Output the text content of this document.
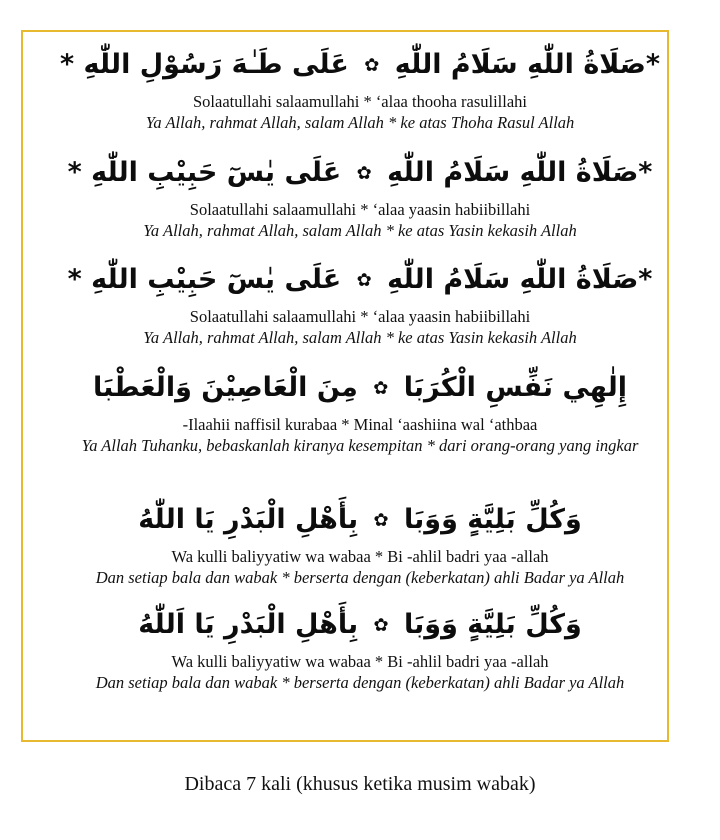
*صَلَاةُ اللّٰهِ سَلَامُ اللّٰهِ ✿ عَلَى طَـٰهَ رَسُوْلِ اللّٰهِ *
Solaatullahi salaamullahi * ‘alaa thooha rasulillahi
Ya Allah, rahmat Allah, salam Allah * ke atas Thoha Rasul Allah
*صَلَاةُ اللّٰهِ سَلَامُ اللّٰهِ ✿ عَلَى يٰسٓ حَبِيْبِ اللّٰهِ *
Solaatullahi salaamullahi * ‘alaa yaasin habiibillahi
Ya Allah, rahmat Allah, salam Allah * ke atas Yasin kekasih Allah
*صَلَاةُ اللّٰهِ سَلَامُ اللّٰهِ ✿ عَلَى يٰسٓ حَبِيْبِ اللّٰهِ *
Solaatullahi salaamullahi * ‘alaa yaasin habiibillahi
Ya Allah, rahmat Allah, salam Allah * ke atas Yasin kekasih Allah
إِلٰهِي نَفِّسِ الْكُرَبَا ✿ مِنَ الْعَاصِيْنَ وَالْعَطْبَا
-Ilaahii naffisil kurabaa * Minal ‘aashiina wal ‘athbaa
Ya Allah Tuhanku, bebaskanlah kiranya kesempitan * dari orang-orang yang ingkar
وَكُلِّ بَلِيَّةٍ وَوَبَا ✿ بِأَهْلِ الْبَدْرِ يَا اللّٰهُ
Wa kulli baliyyatiw wa wabaa * Bi -ahlil badri yaa -allah
Dan setiap bala dan wabak * berserta dengan (keberkatan) ahli Badar ya Allah
وَكُلِّ بَلِيَّةٍ وَوَبَا ✿ بِأَهْلِ الْبَدْرِ يَا اَللّٰهُ
Wa kulli baliyyatiw wa wabaa * Bi -ahlil badri yaa -allah
Dan setiap bala dan wabak * berserta dengan (keberkatan) ahli Badar ya Allah
Dibaca 7 kali (khusus ketika musim wabak)
